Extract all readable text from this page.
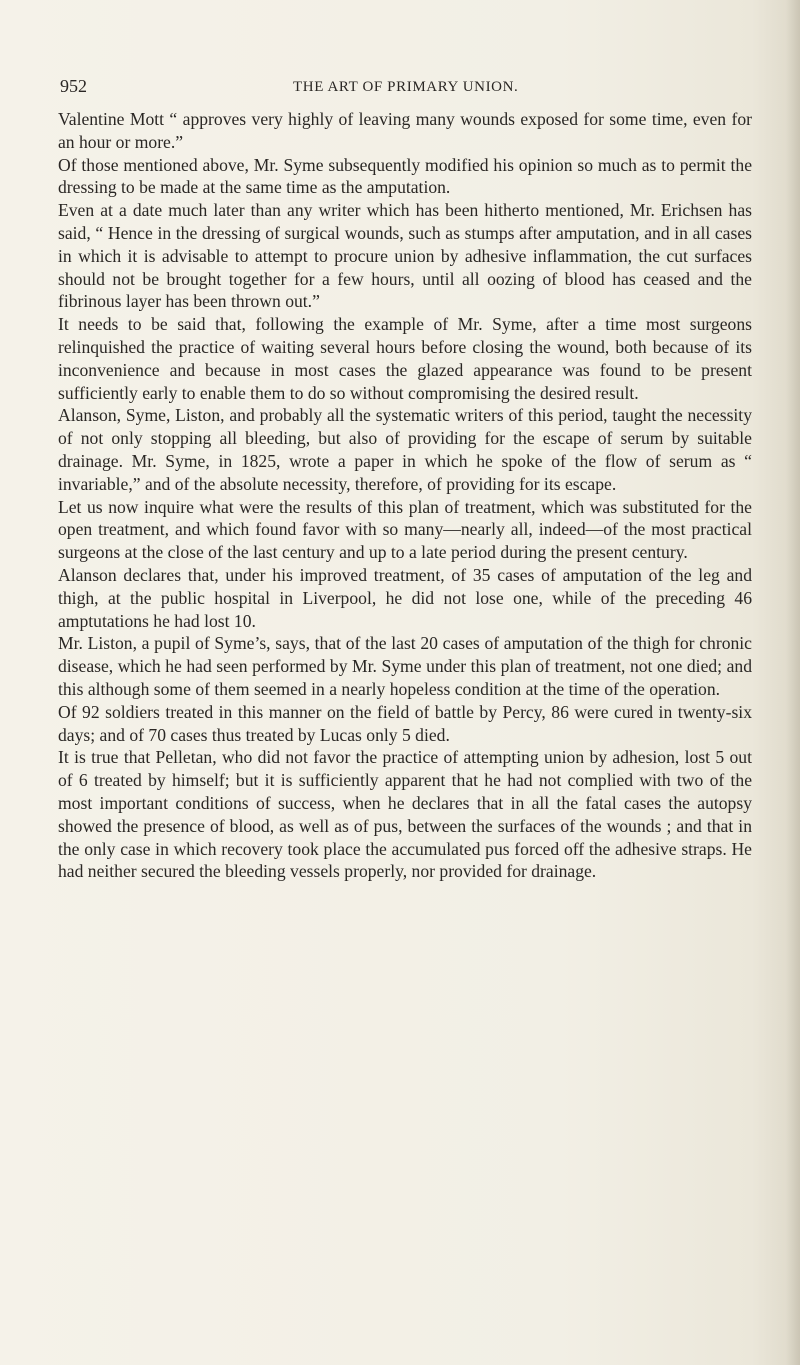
952	THE ART OF PRIMARY UNION.

Valentine Mott “ approves very highly of leaving many wounds exposed for some time, even for an hour or more.”

Of those mentioned above, Mr. Syme subsequently modified his opinion so much as to permit the dressing to be made at the same time as the amputation.

Even at a date much later than any writer which has been hitherto mentioned, Mr. Erichsen has said, “ Hence in the dressing of surgical wounds, such as stumps after amputation, and in all cases in which it is advisable to attempt to procure union by adhesive inflammation, the cut surfaces should not be brought together for a few hours, until all oozing of blood has ceased and the fibrinous layer has been thrown out.”

It needs to be said that, following the example of Mr. Syme, after a time most surgeons relinquished the practice of waiting several hours before closing the wound, both because of its inconvenience and because in most cases the glazed appearance was found to be present sufficiently early to enable them to do so without compromising the desired result.

Alanson, Syme, Liston, and probably all the systematic writers of this period, taught the necessity of not only stopping all bleeding, but also of providing for the escape of serum by suitable drainage. Mr. Syme, in 1825, wrote a paper in which he spoke of the flow of serum as “ invariable,” and of the absolute necessity, therefore, of providing for its escape.

Let us now inquire what were the results of this plan of treatment, which was substituted for the open treatment, and which found favor with so many—nearly all, indeed—of the most practical surgeons at the close of the last century and up to a late period during the present century.

Alanson declares that, under his improved treatment, of 35 cases of amputation of the leg and thigh, at the public hospital in Liverpool, he did not lose one, while of the preceding 46 amptutations he had lost 10.

Mr. Liston, a pupil of Syme’s, says, that of the last 20 cases of amputation of the thigh for chronic disease, which he had seen performed by Mr. Syme under this plan of treatment, not one died; and this although some of them seemed in a nearly hopeless condition at the time of the operation.

Of 92 soldiers treated in this manner on the field of battle by Percy, 86 were cured in twenty-six days; and of 70 cases thus treated by Lucas only 5 died.

It is true that Pelletan, who did not favor the practice of attempting union by adhesion, lost 5 out of 6 treated by himself; but it is sufficiently apparent that he had not complied with two of the most important conditions of success, when he declares that in all the fatal cases the autopsy showed the presence of blood, as well as of pus, between the surfaces of the wounds ; and that in the only case in which recovery took place the accumulated pus forced off the adhesive straps. He had neither secured the bleeding vessels properly, nor provided for drainage.
